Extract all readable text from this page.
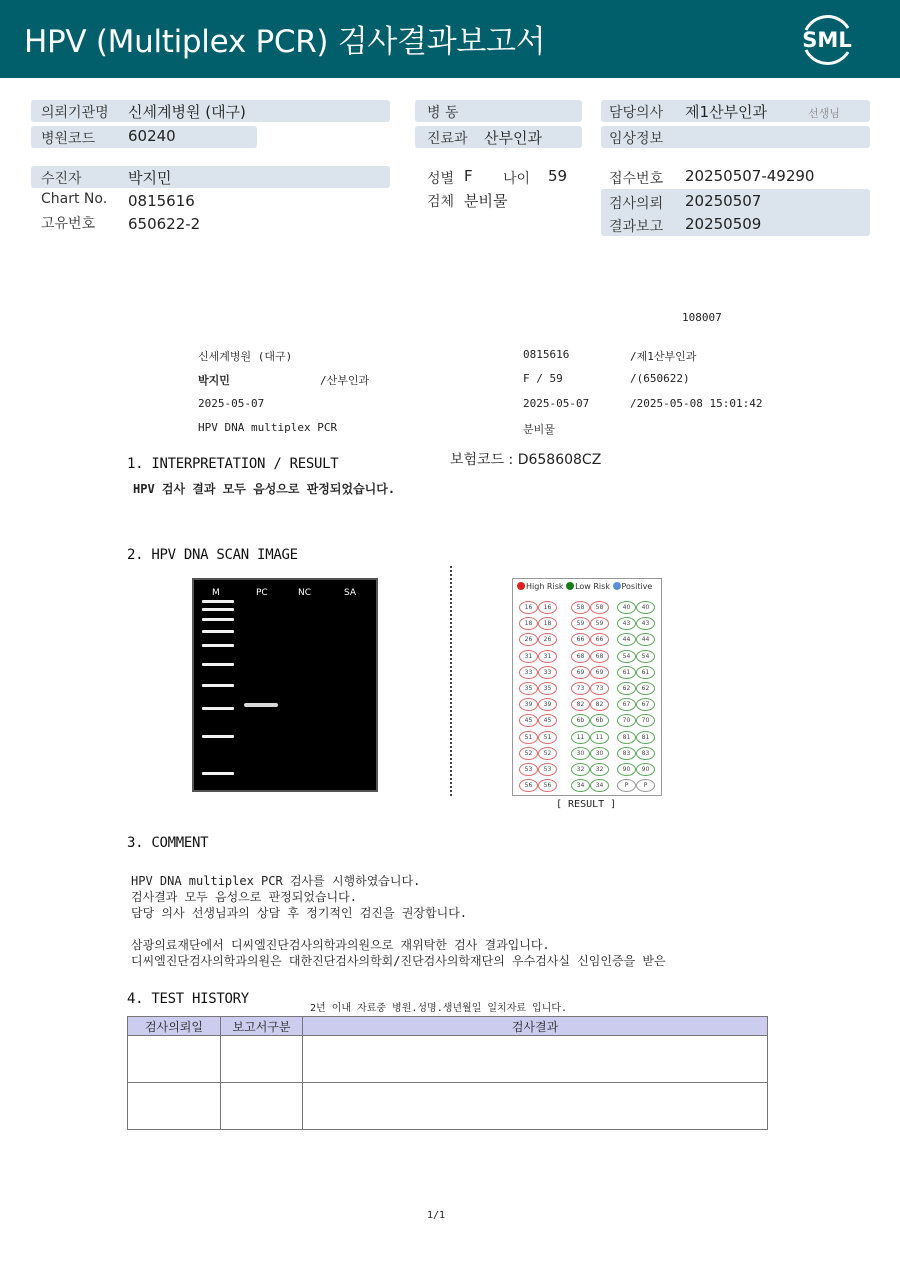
HPV (Multiplex PCR) 검사결과보고서	SML
의뢰기관명 신세계병원 (대구)
병원코드 60240
병 동
진료과 산부인과
담당의사 제1산부인과	선생님
임상정보
수진자	박지민
Chart No. 0815616
고유번호 650622-2
성별 F 나이 59
검체 분비물
접수번호 20250507-49290
검사의뢰 20250507
결과보고 20250509
108007
신세계병원 (대구)	0815616	/제1산부인과
박지민	/산부인과	F / 59	/(650622)
2025-05-07	2025-05-07	/2025-05-08 15:01:42
HPV DNA multiplex PCR	분비물
보험코드 : D658608CZ
1. INTERPRETATION / RESULT
HPV 검사 결과 모두 음성으로 판정되었습니다.
2. HPV DNA SCAN IMAGE
M	PC	NC	SA
High Risk Low Risk Positive
16	16	58	58	40	40
18	18	59	59	43	43
26	26	66	66	44	44
31	31	68	68	54	54
33	33	69	69	61	61
35	35	73	73	62	62
39	39	82	82	67	67
45	45	6b	6b	70	70
51	51	11	11	81	81
52	52	30	30	83	83
53	53	32	32	90	90
56	56	34	34	P	P
[ RESULT ]
3. COMMENT
HPV DNA multiplex PCR 검사를 시행하였습니다.
검사결과 모두 음성으로 판정되었습니다.
담당 의사 선생님과의 상담 후 정기적인 검진을 권장합니다.
삼광의료재단에서 디씨엘진단검사의학과의원으로 재위탁한 검사 결과입니다.
디씨엘진단검사의학과의원은 대한진단검사의학회/진단검사의학재단의 우수검사실 신임인증을 받은
4. TEST HISTORY
2년 이내 자료중 병원.성명.생년월일 일치자료 입니다.
검사의뢰일	보고서구분	검사결과

1/1
